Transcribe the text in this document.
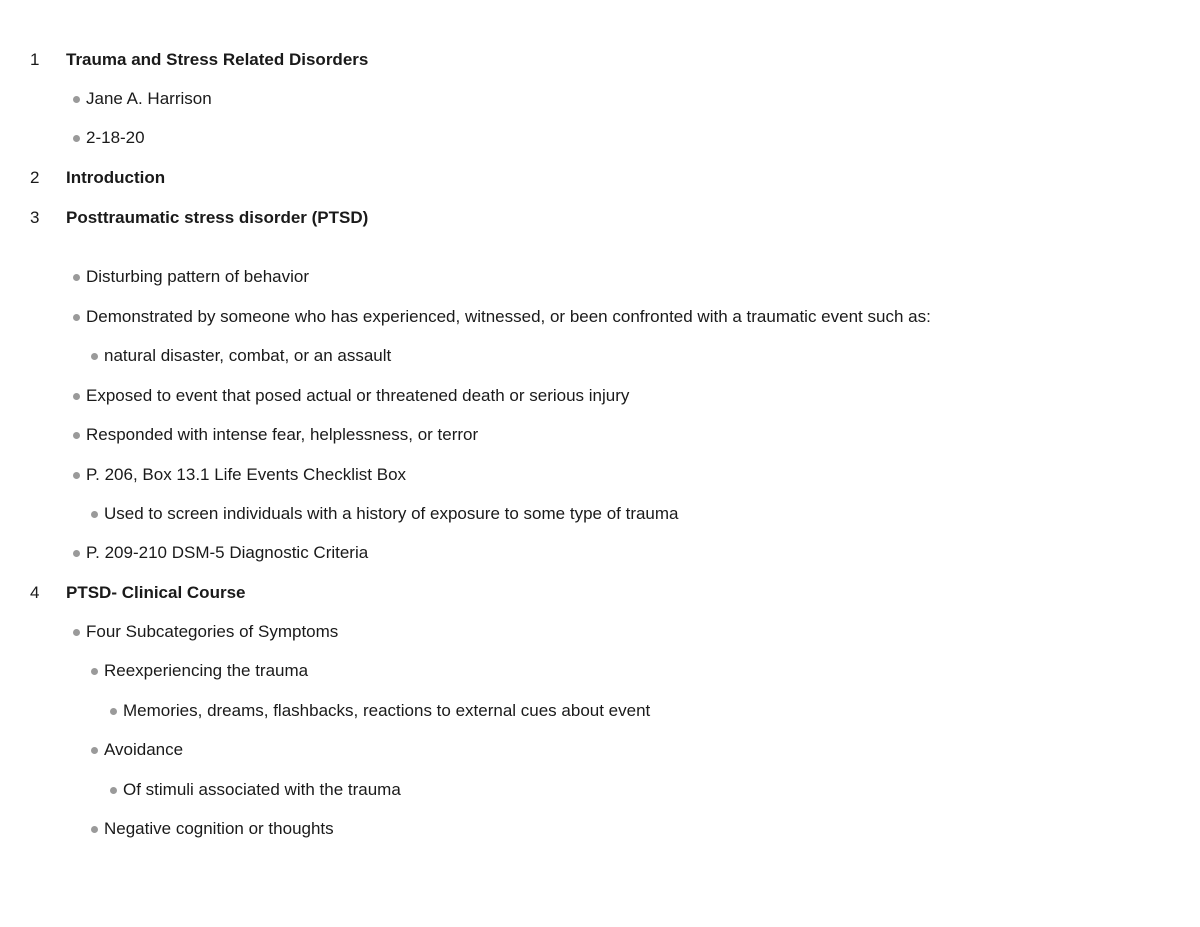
1	Trauma and Stress Related Disorders
Jane A. Harrison
2-18-20
2	Introduction
3	Posttraumatic stress disorder (PTSD)
Disturbing pattern of behavior
Demonstrated by someone who has experienced, witnessed, or been confronted with a traumatic event such as:
natural disaster, combat, or an assault
Exposed to event that posed actual or threatened death or serious injury
Responded with intense fear, helplessness, or terror
P. 206, Box 13.1 Life Events Checklist Box
Used to screen individuals with a history of exposure to some type of trauma
P. 209-210 DSM-5 Diagnostic Criteria
4	PTSD- Clinical Course
Four Subcategories of Symptoms
Reexperiencing the trauma
Memories, dreams, flashbacks, reactions to external cues about event
Avoidance
Of stimuli associated with the trauma
Negative cognition or thoughts
